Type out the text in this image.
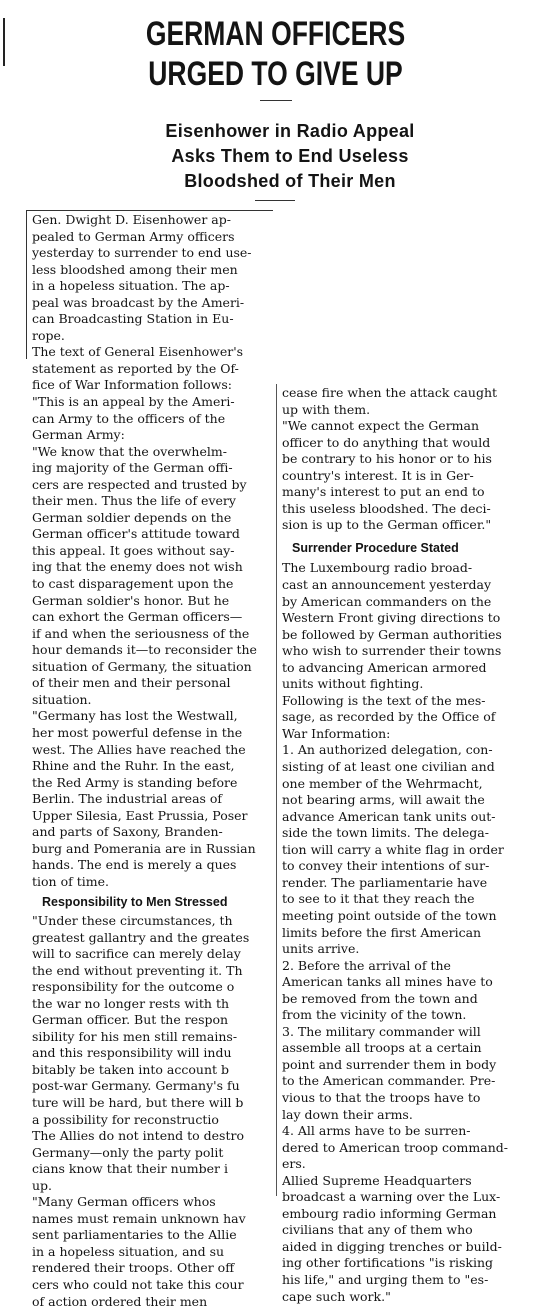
GERMAN OFFICERS
URGED TO GIVE UP
Eisenhower in Radio Appeal
Asks Them to End Useless
Bloodshed of Their Men
Gen. Dwight D. Eisenhower ap-
pealed to German Army officers
yesterday to surrender to end use-
less bloodshed among their men
in a hopeless situation. The ap-
peal was broadcast by the Ameri-
can Broadcasting Station in Eu-
rope.
The text of General Eisenhower's
statement as reported by the Of-
fice of War Information follows:
"This is an appeal by the Ameri-
can Army to the officers of the
German Army:
"We know that the overwhelm-
ing majority of the German offi-
cers are respected and trusted by
their men. Thus the life of every
German soldier depends on the
German officer's attitude toward
this appeal. It goes without say-
ing that the enemy does not wish
to cast disparagement upon the
German soldier's honor. But he
can exhort the German officers—
if and when the seriousness of the
hour demands it—to reconsider the
situation of Germany, the situation
of their men and their personal
situation.
"Germany has lost the Westwall,
her most powerful defense in the
west. The Allies have reached the
Rhine and the Ruhr. In the east,
the Red Army is standing before
Berlin. The industrial areas of
Upper Silesia, East Prussia, Poser
and parts of Saxony, Branden-
burg and Pomerania are in Russian
hands. The end is merely a ques
tion of time.
Responsibility to Men Stressed
"Under these circumstances, th
greatest gallantry and the greates
will to sacrifice can merely delay
the end without preventing it. Th
responsibility for the outcome o
the war no longer rests with th
German officer. But the respon
sibility for his men still remains-
and this responsibility will indu
bitably be taken into account b
post-war Germany. Germany's fu
ture will be hard, but there will b
a possibility for reconstructio
The Allies do not intend to destro
Germany—only the party polit
cians know that their number i
up.
"Many German officers whos
names must remain unknown hav
sent parliamentaries to the Allie
in a hopeless situation, and su
rendered their troops. Other off
cers who could not take this cour
of action ordered their men
cease fire when the attack caught
up with them.
"We cannot expect the German
officer to do anything that would
be contrary to his honor or to his
country's interest. It is in Ger-
many's interest to put an end to
this useless bloodshed. The deci-
sion is up to the German officer."
Surrender Procedure Stated
The Luxembourg radio broad-
cast an announcement yesterday
by American commanders on the
Western Front giving directions to
be followed by German authorities
who wish to surrender their towns
to advancing American armored
units without fighting.
Following is the text of the mes-
sage, as recorded by the Office of
War Information:
1. An authorized delegation, con-
sisting of at least one civilian and
one member of the Wehrmacht,
not bearing arms, will await the
advance American tank units out-
side the town limits. The delega-
tion will carry a white flag in order
to convey their intentions of sur-
render. The parliamentarie have
to see to it that they reach the
meeting point outside of the town
limits before the first American
units arrive.
2. Before the arrival of the
American tanks all mines have to
be removed from the town and
from the vicinity of the town.
3. The military commander will
assemble all troops at a certain
point and surrender them in body
to the American commander. Pre-
vious to that the troops have to
lay down their arms.
4. All arms have to be surren-
dered to American troop command-
ers.
Allied Supreme Headquarters
broadcast a warning over the Lux-
embourg radio informing German
civilians that any of them who
aided in digging trenches or build-
ing other fortifications "is risking
his life," and urging them to "es-
cape such work."
